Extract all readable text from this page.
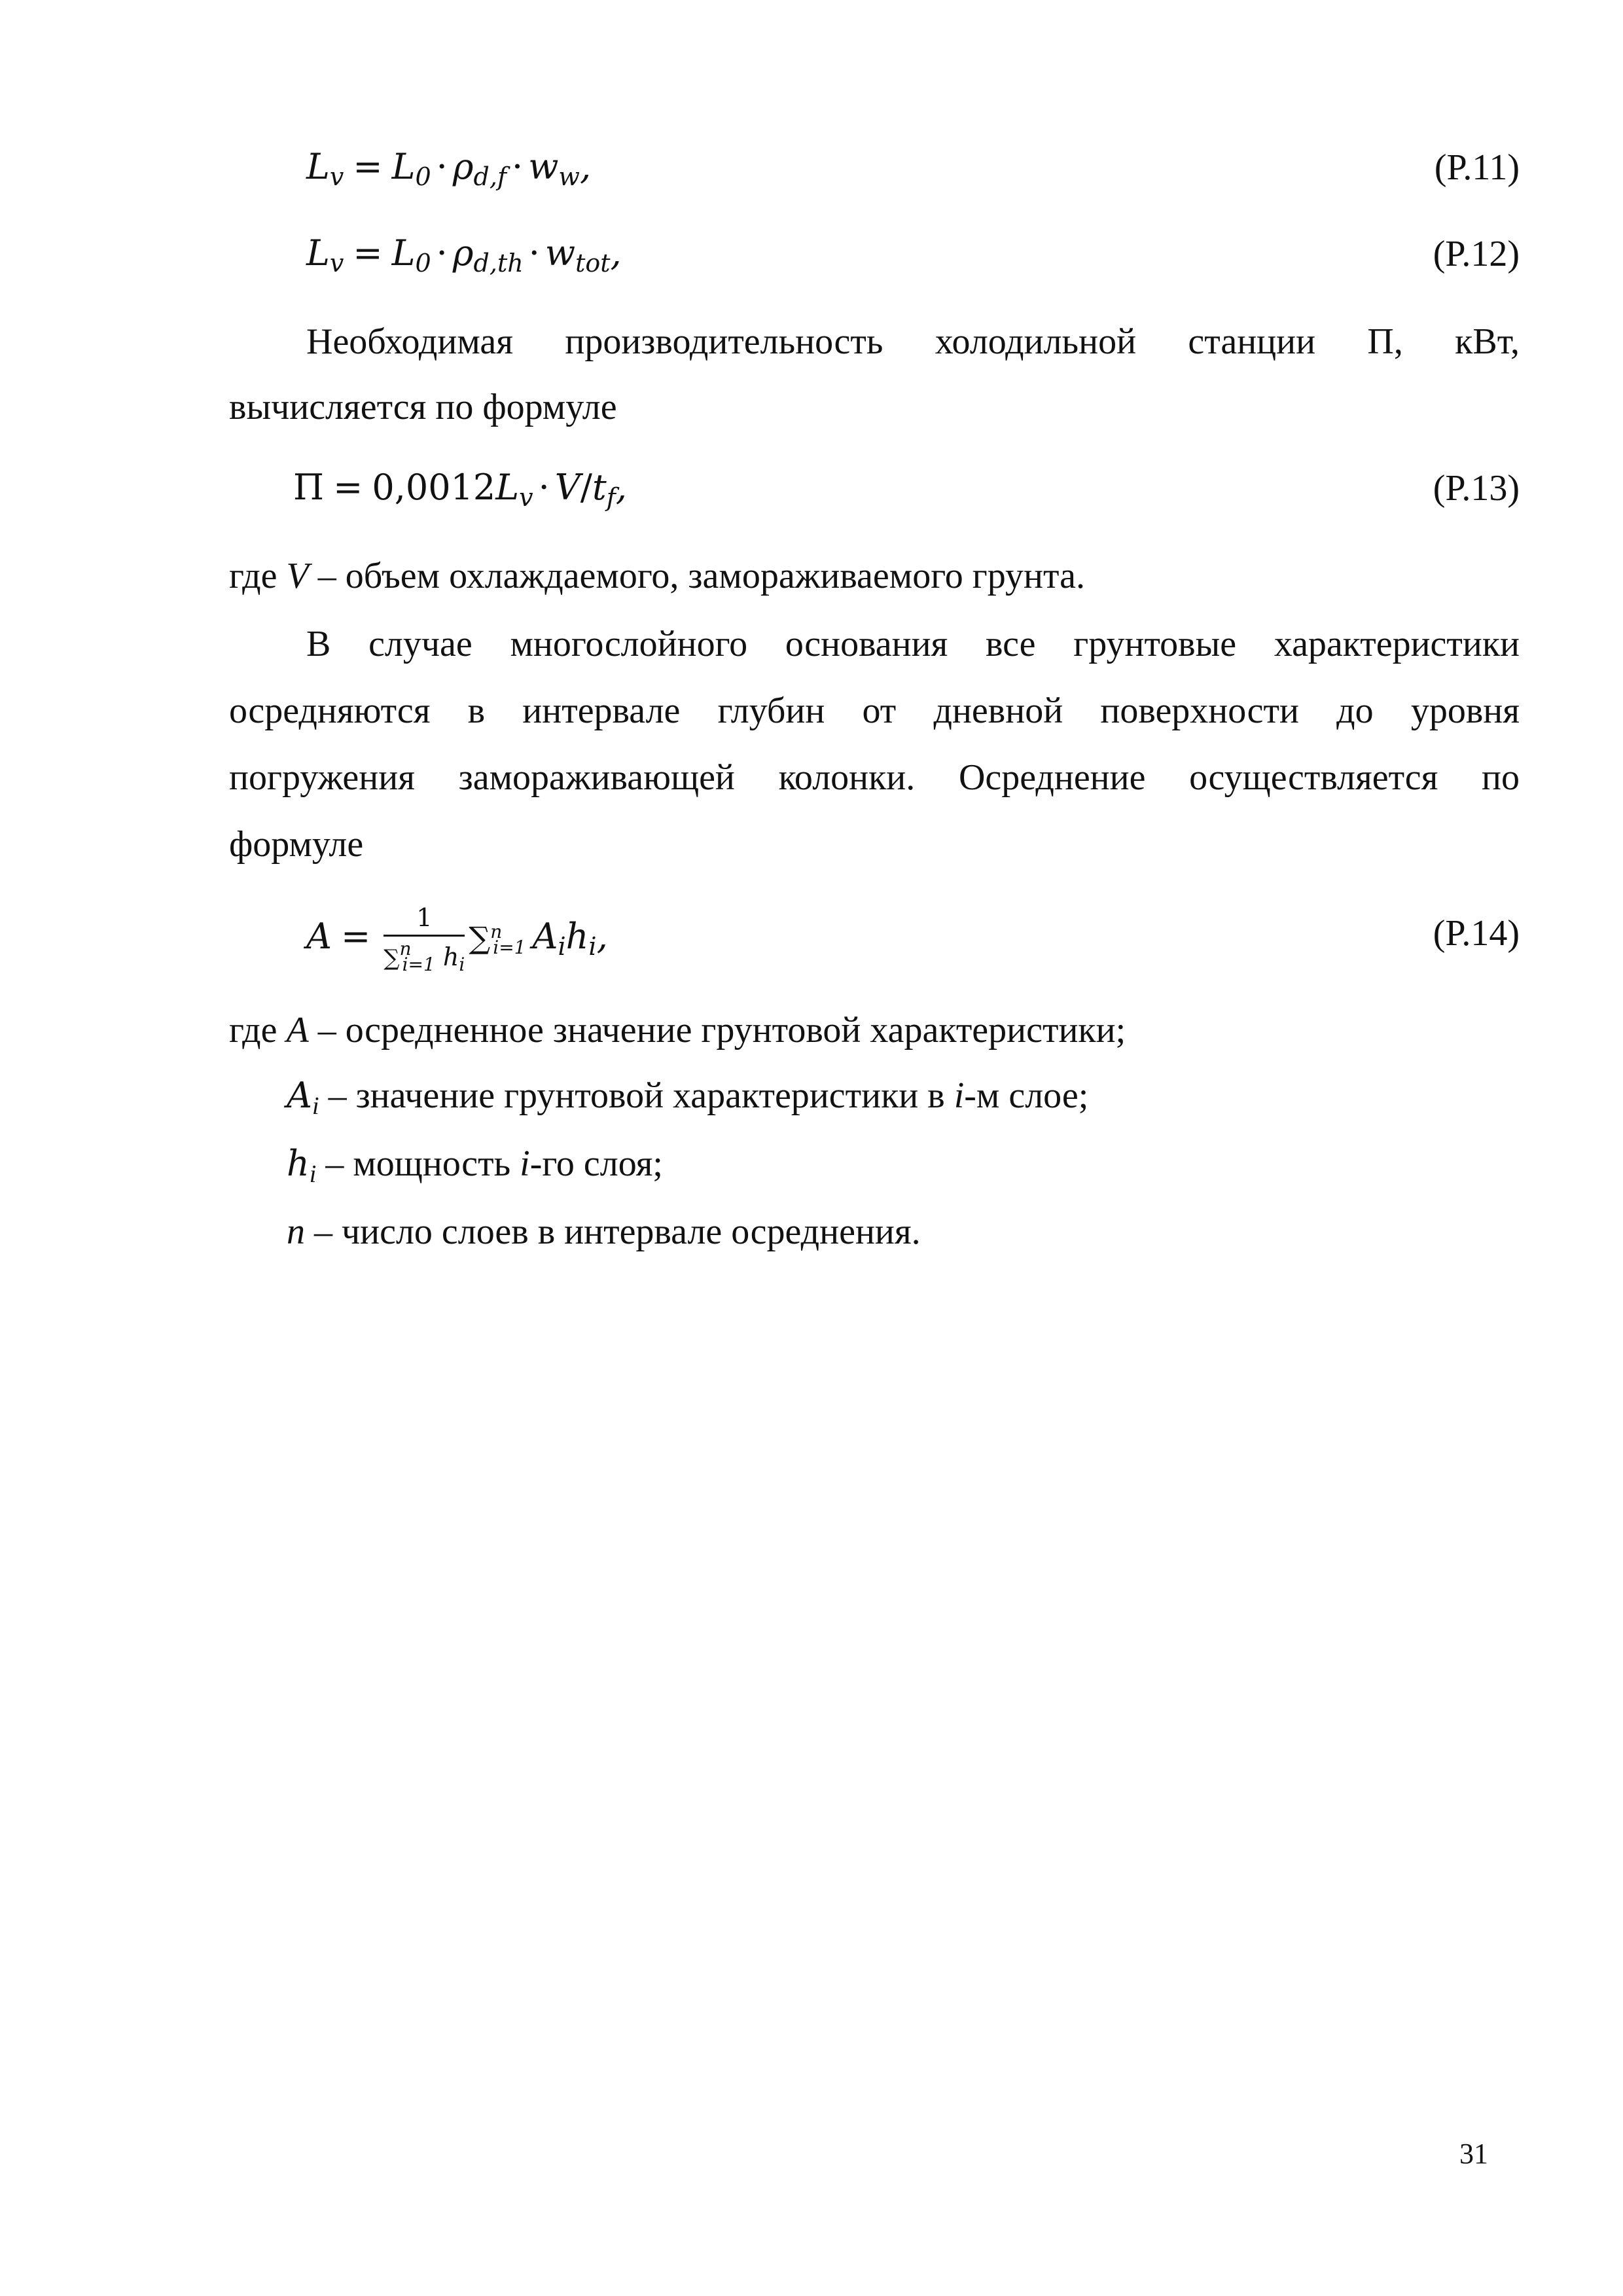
$L_v = L_0 \cdot \rho_{d,f} \cdot w_w$,	(P.11)
$L_v = L_0 \cdot \rho_{d,th} \cdot w_{tot}$,	(P.12)
Необходимая производительность холодильной станции П, кВт,
вычисляется по формуле
$П = 0,0012L_v \cdot V/t_f$,	(P.13)
где V – объем охлаждаемого, замораживаемого грунта.
В случае многослойного основания все грунтовые характеристики
осредняются в интервале глубин от дневной поверхности до уровня
погружения замораживающей колонки. Осреднение осуществляется по
формуле
$A = \frac{1}{\sum^n_{i=1} h_i} \sum^ni=1$ $A_ih_i$,	(P.14)
где A – осредненное значение грунтовой характеристики;
$A_i$ – значение грунтовой характеристики в i-м слое;
$h_i$ – мощность i-го слоя;
n – число слоев в интервале осреднения.
31
